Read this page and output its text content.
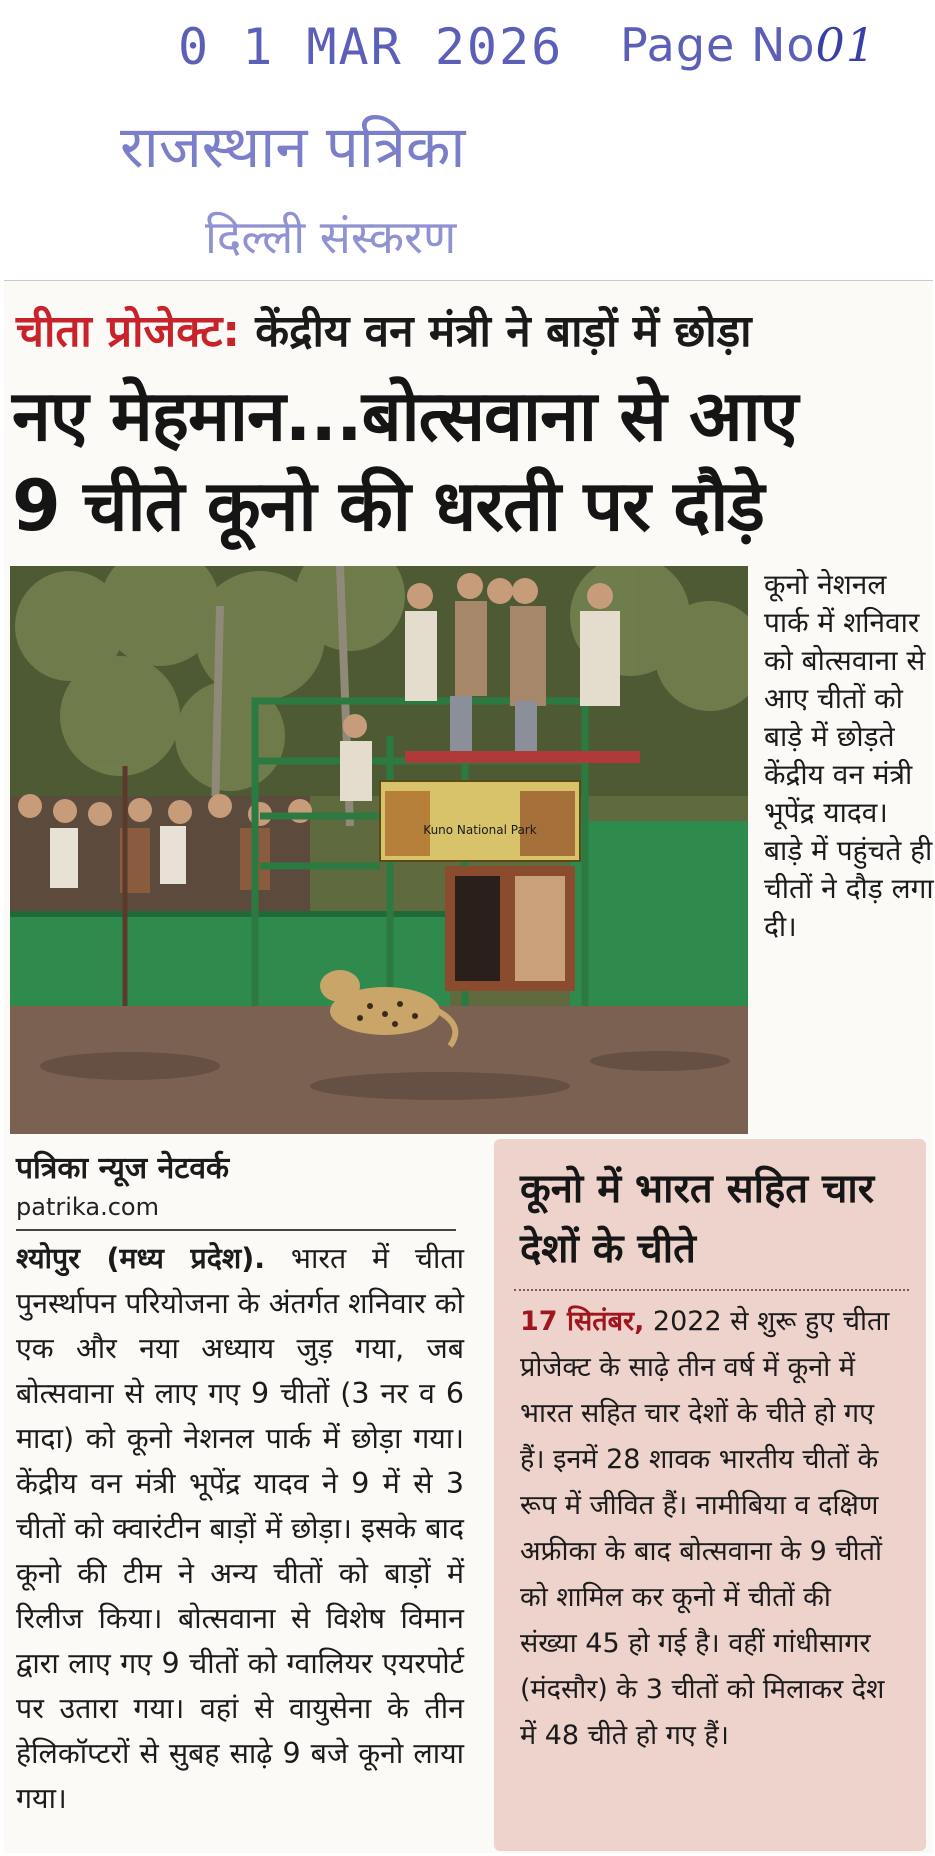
0 1 MAR 2026 Page No01
राजस्थान पत्रिका
दिल्ली संस्करण
चीता प्रोजेक्ट: केंद्रीय वन मंत्री ने बाड़ों में छोड़ा
नए मेहमान...बोत्सवाना से आए
9 चीते कूनो की धरती पर दौड़े
Kuno National Park
कूनो नेशनल पार्क में शनिवार को बोत्सवाना से आए चीतों को बाड़े में छोड़ते केंद्रीय वन मंत्री भूपेंद्र यादव। बाड़े में पहुंचते ही चीतों ने दौड़ लगा दी।
पत्रिका न्यूज नेटवर्क
patrika.com
श्योपुर (मध्य प्रदेश). भारत में चीता पुनर्स्थापन परियोजना के अंतर्गत शनिवार को एक और नया अध्याय जुड़ गया, जब बोत्सवाना से लाए गए 9 चीतों (3 नर व 6 मादा) को कूनो नेशनल पार्क में छोड़ा गया। केंद्रीय वन मंत्री भूपेंद्र यादव ने 9 में से 3 चीतों को क्वारंटीन बाड़ों में छोड़ा। इसके बाद कूनो की टीम ने अन्य चीतों को बाड़ों में रिलीज किया। बोत्सवाना से विशेष विमान द्वारा लाए गए 9 चीतों को ग्वालियर एयरपोर्ट पर उतारा गया। वहां से वायुसेना के तीन हेलिकॉप्टरों से सुबह साढ़े 9 बजे कूनो लाया गया।
कूनो में भारत सहित चार देशों के चीते
17 सितंबर, 2022 से शुरू हुए चीता प्रोजेक्ट के साढ़े तीन वर्ष में कूनो में भारत सहित चार देशों के चीते हो गए हैं। इनमें 28 शावक भारतीय चीतों के रूप में जीवित हैं। नामीबिया व दक्षिण अफ्रीका के बाद बोत्सवाना के 9 चीतों को शामिल कर कूनो में चीतों की संख्या 45 हो गई है। वहीं गांधीसागर (मंदसौर) के 3 चीतों को मिलाकर देश में 48 चीते हो गए हैं।
